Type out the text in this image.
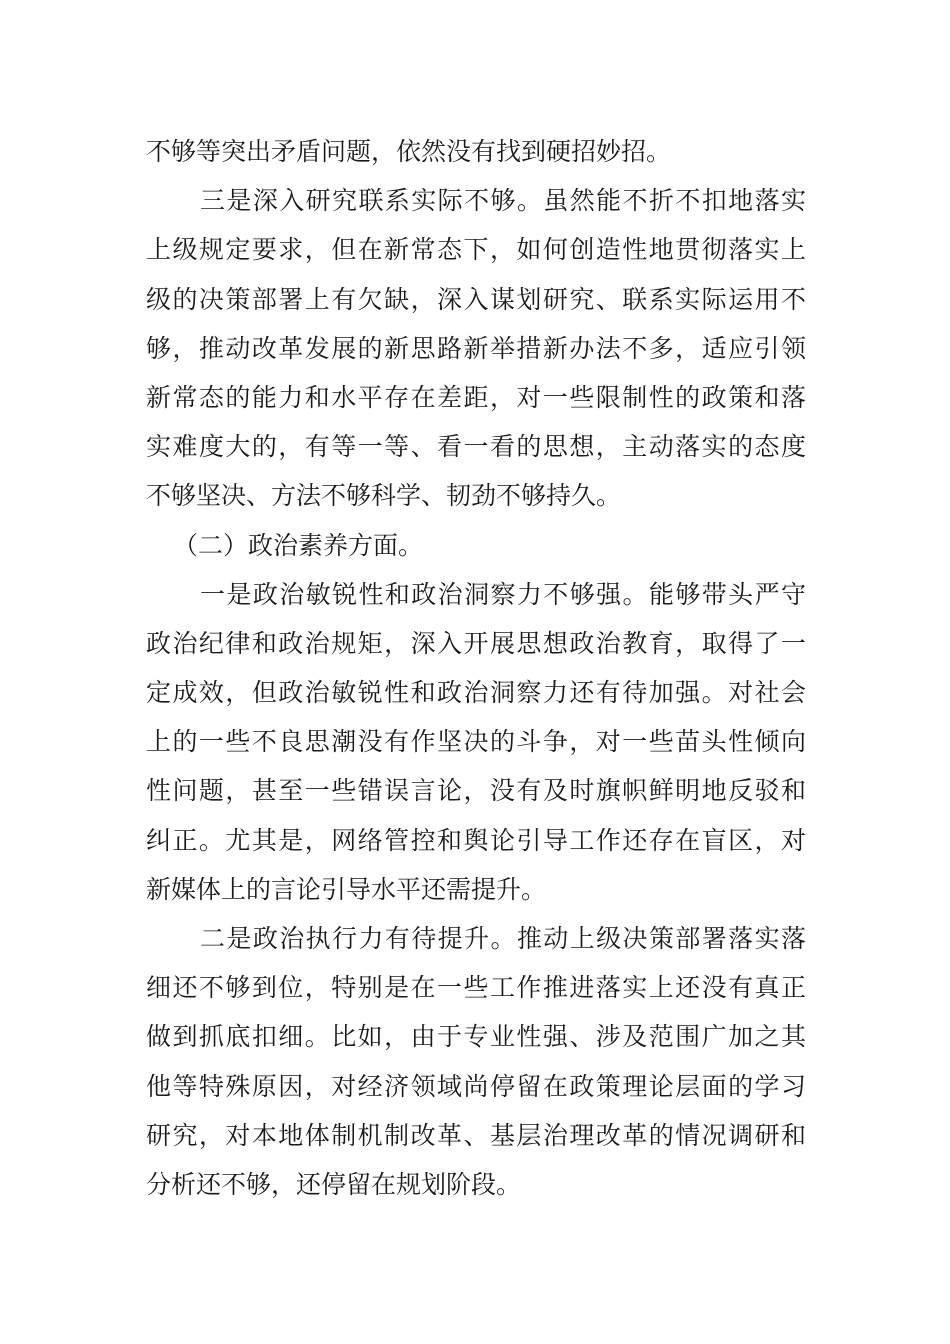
不够等突出矛盾问题，依然没有找到硬招妙招。
三是深入研究联系实际不够。虽然能不折不扣地落实
上级规定要求，但在新常态下，如何创造性地贯彻落实上
级的决策部署上有欠缺，深入谋划研究、联系实际运用不
够，推动改革发展的新思路新举措新办法不多，适应引领
新常态的能力和水平存在差距，对一些限制性的政策和落
实难度大的，有等一等、看一看的思想，主动落实的态度
不够坚决、方法不够科学、韧劲不够持久。
（二）政治素养方面。
一是政治敏锐性和政治洞察力不够强。能够带头严守
政治纪律和政治规矩，深入开展思想政治教育，取得了一
定成效，但政治敏锐性和政治洞察力还有待加强。对社会
上的一些不良思潮没有作坚决的斗争，对一些苗头性倾向
性问题，甚至一些错误言论，没有及时旗帜鲜明地反驳和
纠正。尤其是，网络管控和舆论引导工作还存在盲区，对
新媒体上的言论引导水平还需提升。
二是政治执行力有待提升。推动上级决策部署落实落
细还不够到位，特别是在一些工作推进落实上还没有真正
做到抓底扣细。比如，由于专业性强、涉及范围广加之其
他等特殊原因，对经济领域尚停留在政策理论层面的学习
研究，对本地体制机制改革、基层治理改革的情况调研和
分析还不够，还停留在规划阶段。
